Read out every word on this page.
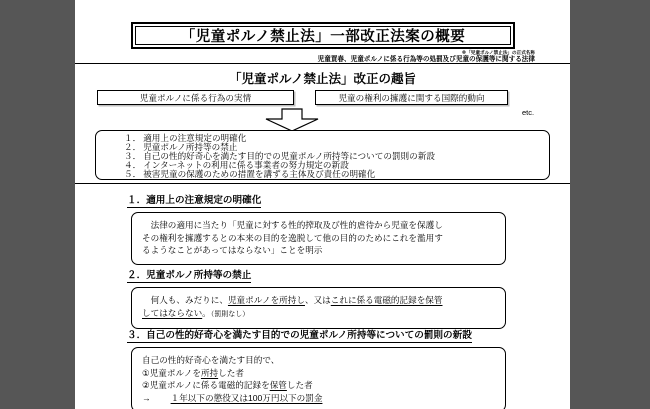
「児童ポルノ禁止法」一部改正法案の概要
※「児童ポルノ禁止法」の正式名称
児童買春、児童ポルノに係る行為等の処罰及び児童の保護等に関する法律
「児童ポルノ禁止法」改正の趣旨
児童ポルノに係る行為の実情	児童の権利の擁護に関する国際的動向
etc.
１． 適用上の注意規定の明確化
２． 児童ポルノ所持等の禁止
３． 自己の性的好奇心を満たす目的での児童ポルノ所持等についての罰則の新設
４． インターネットの利用に係る事業者の努力規定の新設
５． 被害児童の保護のための措置を講ずる主体及び責任の明確化
１．適用上の注意規定の明確化

　法律の適用に当たり「児童に対する性的搾取及び性的虐待から児童を保護し

その権利を擁護するとの本来の目的を逸脱して他の目的のためにこれを濫用す

るようなことがあってはならない」ことを明示

２．児童ポルノ所持等の禁止

　何人も、みだりに、児童ポルノを所持し、又はこれに係る電磁的記録を保管

してはならない。（罰則なし）

３．自己の性的好奇心を満たす目的での児童ポルノ所持等についての罰則の新設

自己の性的好奇心を満たす目的で、

①児童ポルノを所持した者

②児童ポルノに係る電磁的記録を保管した者

→	１年以下の懲役又は100万円以下の罰金
